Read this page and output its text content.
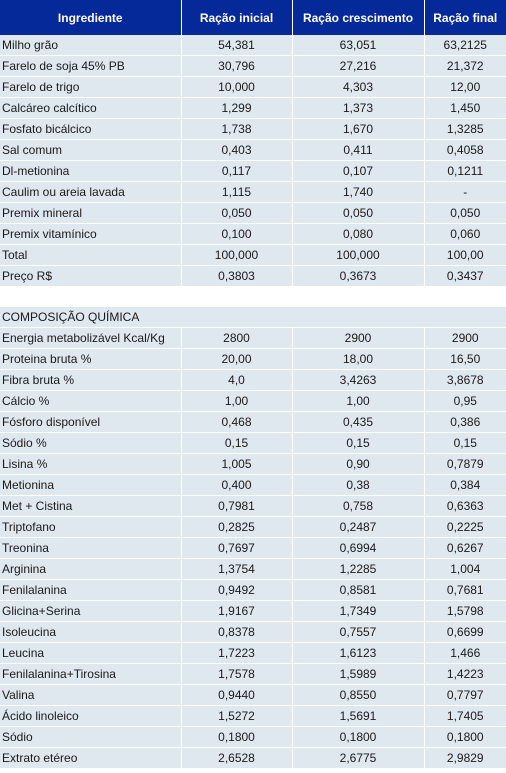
Ingrediente	Ração inicial	Ração crescimento	Ração final
Milho grão	54,381	63,051	63,2125
Farelo de soja 45% PB	30,796	27,216	21,372
Farelo de trigo	10,000	4,303	12,00
Calcáreo calcítico	1,299	1,373	1,450
Fosfato bicálcico	1,738	1,670	1,3285
Sal comum	0,403	0,411	0,4058
Dl-metionina	0,117	0,107	0,1211
Caulim ou areia lavada	1,115	1,740	-
Premix mineral	0,050	0,050	0,050
Premix vitamínico	0,100	0,080	0,060
Total	100,000	100,000	100,00
Preço R$	0,3803	0,3673	0,3437

COMPOSIÇÃO QUÍMICA			
Energia metabolizável Kcal/Kg	2800	2900	2900
Proteina bruta %	20,00	18,00	16,50
Fibra bruta %	4,0	3,4263	3,8678
Cálcio %	1,00	1,00	0,95
Fósforo disponível	0,468	0,435	0,386
Sódio %	0,15	0,15	0,15
Lisina %	1,005	0,90	0,7879
Metionina	0,400	0,38	0,384
Met + Cistina	0,7981	0,758	0,6363
Triptofano	0,2825	0,2487	0,2225
Treonina	0,7697	0,6994	0,6267
Arginina	1,3754	1,2285	1,004
Fenilalanina	0,9492	0,8581	0,7681
Glicina+Serina	1,9167	1,7349	1,5798
Isoleucina	0,8378	0,7557	0,6699
Leucina	1,7223	1,6123	1,466
Fenilalanina+Tirosina	1,7578	1,5989	1,4223
Valina	0,9440	0,8550	0,7797
Ácido linoleico	1,5272	1,5691	1,7405
Sódio	0,1800	0,1800	0,1800
Extrato etéreo	2,6528	2,6775	2,9829
